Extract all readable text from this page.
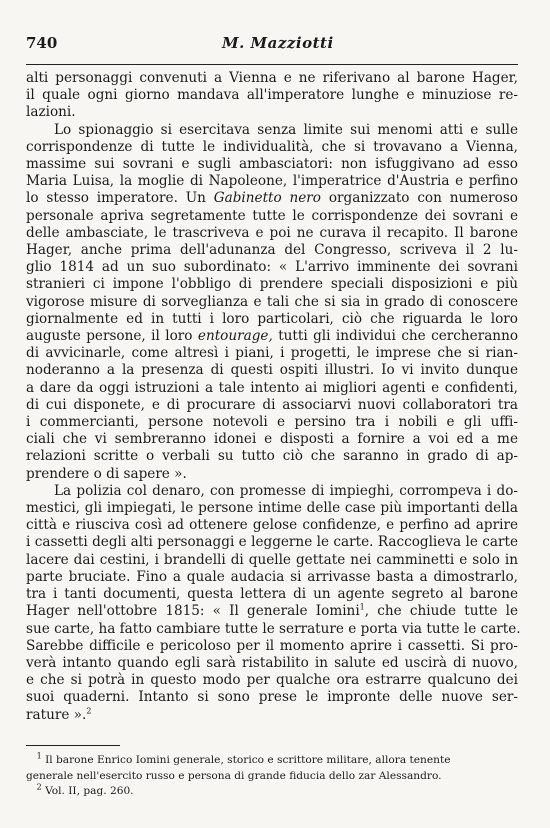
740	M. Mazziotti

alti personaggi convenuti a Vienna e ne riferivano al barone Hager,
il quale ogni giorno mandava all'imperatore lunghe e minuziose re-
lazioni.

Lo spionaggio si esercitava senza limite sui menomi atti e sulle
corrispondenze di tutte le individualità, che si trovavano a Vienna,
massime sui sovrani e sugli ambasciatori: non isfuggivano ad esso
Maria Luisa, la moglie di Napoleone, l'imperatrice d'Austria e perfino
lo stesso imperatore. Un Gabinetto nero organizzato con numeroso
personale apriva segretamente tutte le corrispondenze dei sovrani e
delle ambasciate, le trascriveva e poi ne curava il recapito. Il barone
Hager, anche prima dell'adunanza del Congresso, scriveva il 2 lu-
glio 1814 ad un suo subordinato: « L'arrivo imminente dei sovrani
stranieri ci impone l'obbligo di prendere speciali disposizioni e più
vigorose misure di sorveglianza e tali che si sia in grado di conoscere
giornalmente ed in tutti i loro particolari, ciò che riguarda le loro
auguste persone, il loro entourage, tutti gli individui che cercheranno
di avvicinarle, come altresì i piani, i progetti, le imprese che si rian-
noderanno a la presenza di questi ospiti illustri. Io vi invito dunque
a dare da oggi istruzioni a tale intento ai migliori agenti e confidenti,
di cui disponete, e di procurare di associarvi nuovi collaboratori tra
i commercianti, persone notevoli e persino tra i nobili e gli uffi-
ciali che vi sembreranno idonei e disposti a fornire a voi ed a me
relazioni scritte o verbali su tutto ciò che saranno in grado di ap-
prendere o di sapere ».

La polizia col denaro, con promesse di impieghi, corrompeva i do-
mestici, gli impiegati, le persone intime delle case più importanti della
città e riusciva così ad ottenere gelose confidenze, e perfino ad aprire
i cassetti degli alti personaggi e leggerne le carte. Raccoglieva le carte
lacere dai cestini, i brandelli di quelle gettate nei camminetti e solo in
parte bruciate. Fino a quale audacia si arrivasse basta a dimostrarlo,
tra i tanti documenti, questa lettera di un agente segreto al barone
Hager nell'ottobre 1815: « Il generale Iomini$^1$, che chiude tutte le
sue carte, ha fatto cambiare tutte le serrature e porta via tutte le carte.
Sarebbe difficile e pericoloso per il momento aprire i cassetti. Si pro-
verà intanto quando egli sarà ristabilito in salute ed uscirà di nuovo,
e che si potrà in questo modo per qualche ora estrarre qualcuno dei
suoi quaderni. Intanto si sono prese le impronte delle nuove ser-
rature ».$^2$

 $^1$ Il barone Enrico Iomini generale, storico e scrittore militare, allora tenente
generale nell'esercito russo e persona di grande fiducia dello zar Alessandro.
 $^2$ Vol. II, pag. 260.
